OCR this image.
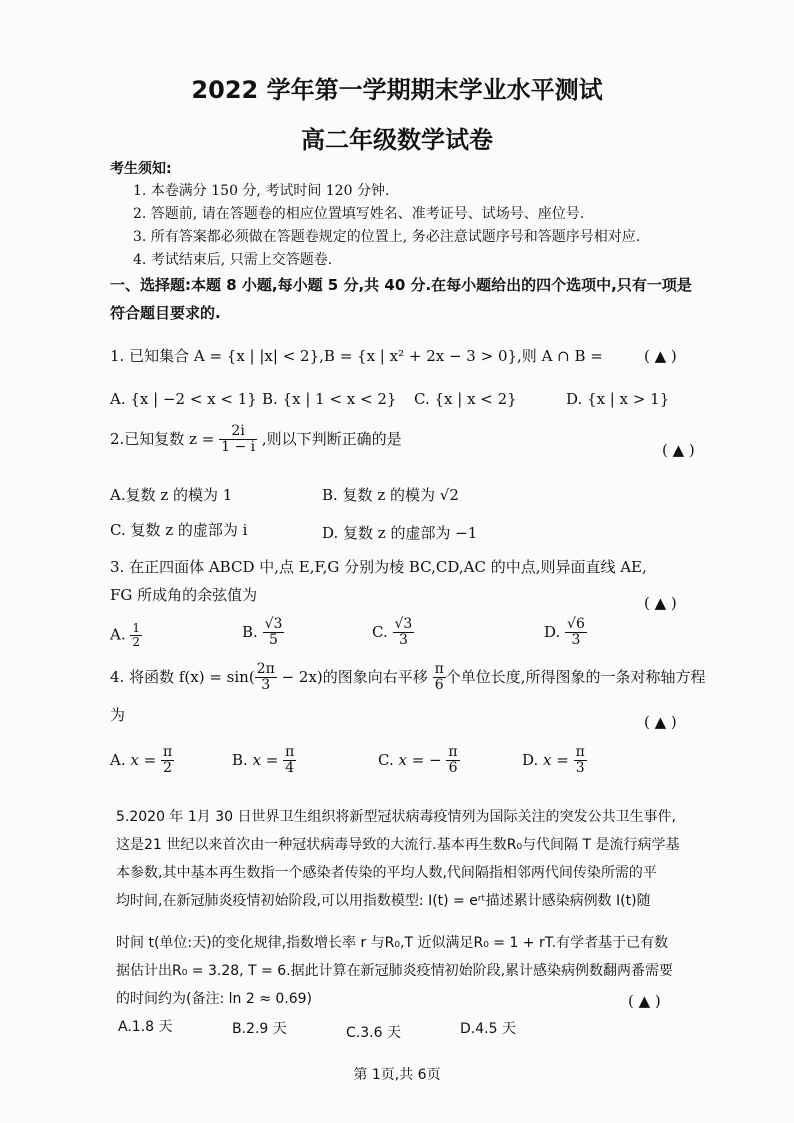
2022 学年第一学期期末学业水平测试
高二年级数学试卷
考生须知:
1. 本卷满分 150 分, 考试时间 120 分钟.
2. 答题前, 请在答题卷的相应位置填写姓名、准考证号、试场号、座位号.
3. 所有答案都必须做在答题卷规定的位置上, 务必注意试题序号和答题序号相对应.
4. 考试结束后, 只需上交答题卷.
一、选择题:本题 8 小题,每小题 5 分,共 40 分.在每小题给出的四个选项中,只有一项是
符合题目要求的.
1. 已知集合 A = {x | |x| < 2},B = {x | x² + 2x − 3 > 0},则 A ∩ B =	( ▲ )
A. {x | −2 < x < 1} B. {x | 1 < x < 2} C. {x | x < 2}	D. {x | x > 1}
2.已知复数 $z = \frac{2i}{1 - i}$ ,则以下判断正确的是
( ▲ )
A.复数 z 的模为 1	B. 复数 z 的模为 √2
C. 复数 z 的虚部为 i	D. 复数 z 的虚部为 −1
3. 在正四面体 ABCD 中,点 E,F,G 分别为棱 BC,CD,AC 的中点,则异面直线 AE,
FG 所成角的余弦值为	( ▲ )
A. $\frac{1}{2}$	B. $\frac{√3}{5}$	C. $\frac{√3}{3}$	D. $\frac{√6}{3}$
4. 将函数 $f(x) = \sin( \frac{2\pi}{3} - 2x)$的图象向右平移 $\frac{\pi}{6}$ 个单位长度,所得图象的一条对称轴方程
为	( ▲ )
A. $x = \frac{\pi}{2}$	B. $x = \frac{\pi}{4}$	C. x = − $\frac{\pi}{6}$	D. $x = \frac{\pi}{3}$
5.2020 年 1月 30 日世界卫生组织将新型冠状病毒疫情列为国际关注的突发公共卫生事件,
这是21 世纪以来首次由一种冠状病毒导致的大流行.基本再生数R₀与代间隔 T 是流行病学基
本参数,其中基本再生数指一个感染者传染的平均人数,代间隔指相邻两代间传染所需的平
均时间,在新冠肺炎疫情初始阶段,可以用指数模型: I(t) = eʳᵗ描述累计感染病例数 I(t)随
时间 t(单位:天)的变化规律,指数增长率 r 与R₀,T 近似满足R₀ = 1 + rT.有学者基于已有数
据估计出R₀ = 3.28, T = 6.据此计算在新冠肺炎疫情初始阶段,累计感染病例数翻两番需要
的时间约为(备注: ln 2 ≈ 0.69)	( ▲ )
A.1.8 天	B.2.9 天	C.3.6 天	D.4.5 天
第 1页,共 6页
